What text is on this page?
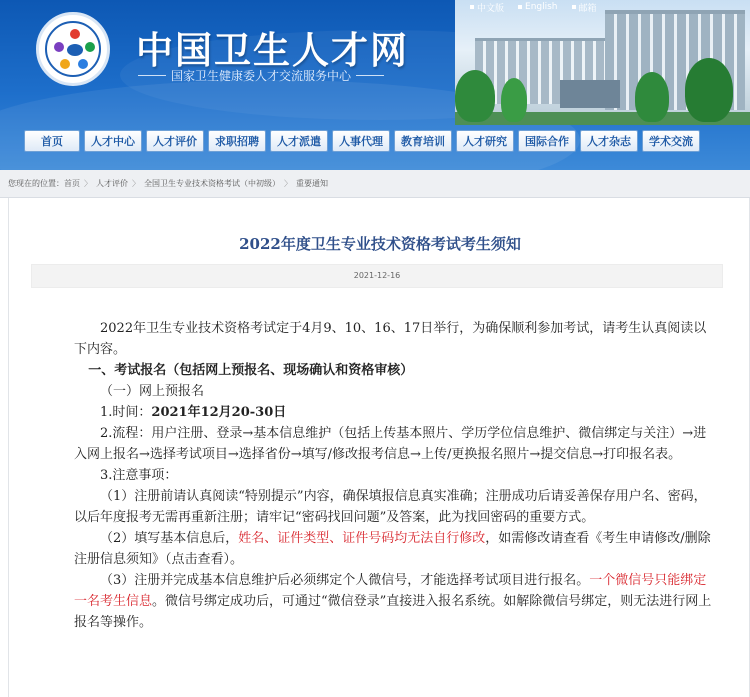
中国卫生人才网
国家卫生健康委人才交流服务中心
中文版 English 邮箱
首页	人才中心	人才评价	求职招聘	人才派遣	人事代理	教育培训	人才研究	国际合作	人才杂志	学术交流
您现在的位置： 首页 〉 人才评价 〉 全国卫生专业技术资格考试（中初级） 〉 重要通知
2022年度卫生专业技术资格考试考生须知
2021-12-16

2022年卫生专业技术资格考试定于4月9、10、16、17日举行，为确保顺利参加考试，请考生认真阅读以下内容。

一、考试报名（包括网上预报名、现场确认和资格审核）

（一）网上预报名

1.时间：2021年12月20-30日

2.流程：用户注册、登录→基本信息维护（包括上传基本照片、学历学位信息维护、微信绑定与关注）→进入网上报名→选择考试项目→选择省份→填写/修改报考信息→上传/更换报名照片→提交信息→打印报名表。

3.注意事项：

（1）注册前请认真阅读“特别提示”内容，确保填报信息真实准确；注册成功后请妥善保存用户名、密码，以后年度报考无需再重新注册；请牢记“密码找回问题”及答案，此为找回密码的重要方式。

（2）填写基本信息后，姓名、证件类型、证件号码均无法自行修改，如需修改请查看《考生申请修改/删除注册信息须知》（点击查看）。

（3）注册并完成基本信息维护后必须绑定个人微信号，才能选择考试项目进行报名。一个微信号只能绑定一名考生信息。微信号绑定成功后，可通过“微信登录”直接进入报名系统。如解除微信号绑定，则无法进行网上报名等操作。
